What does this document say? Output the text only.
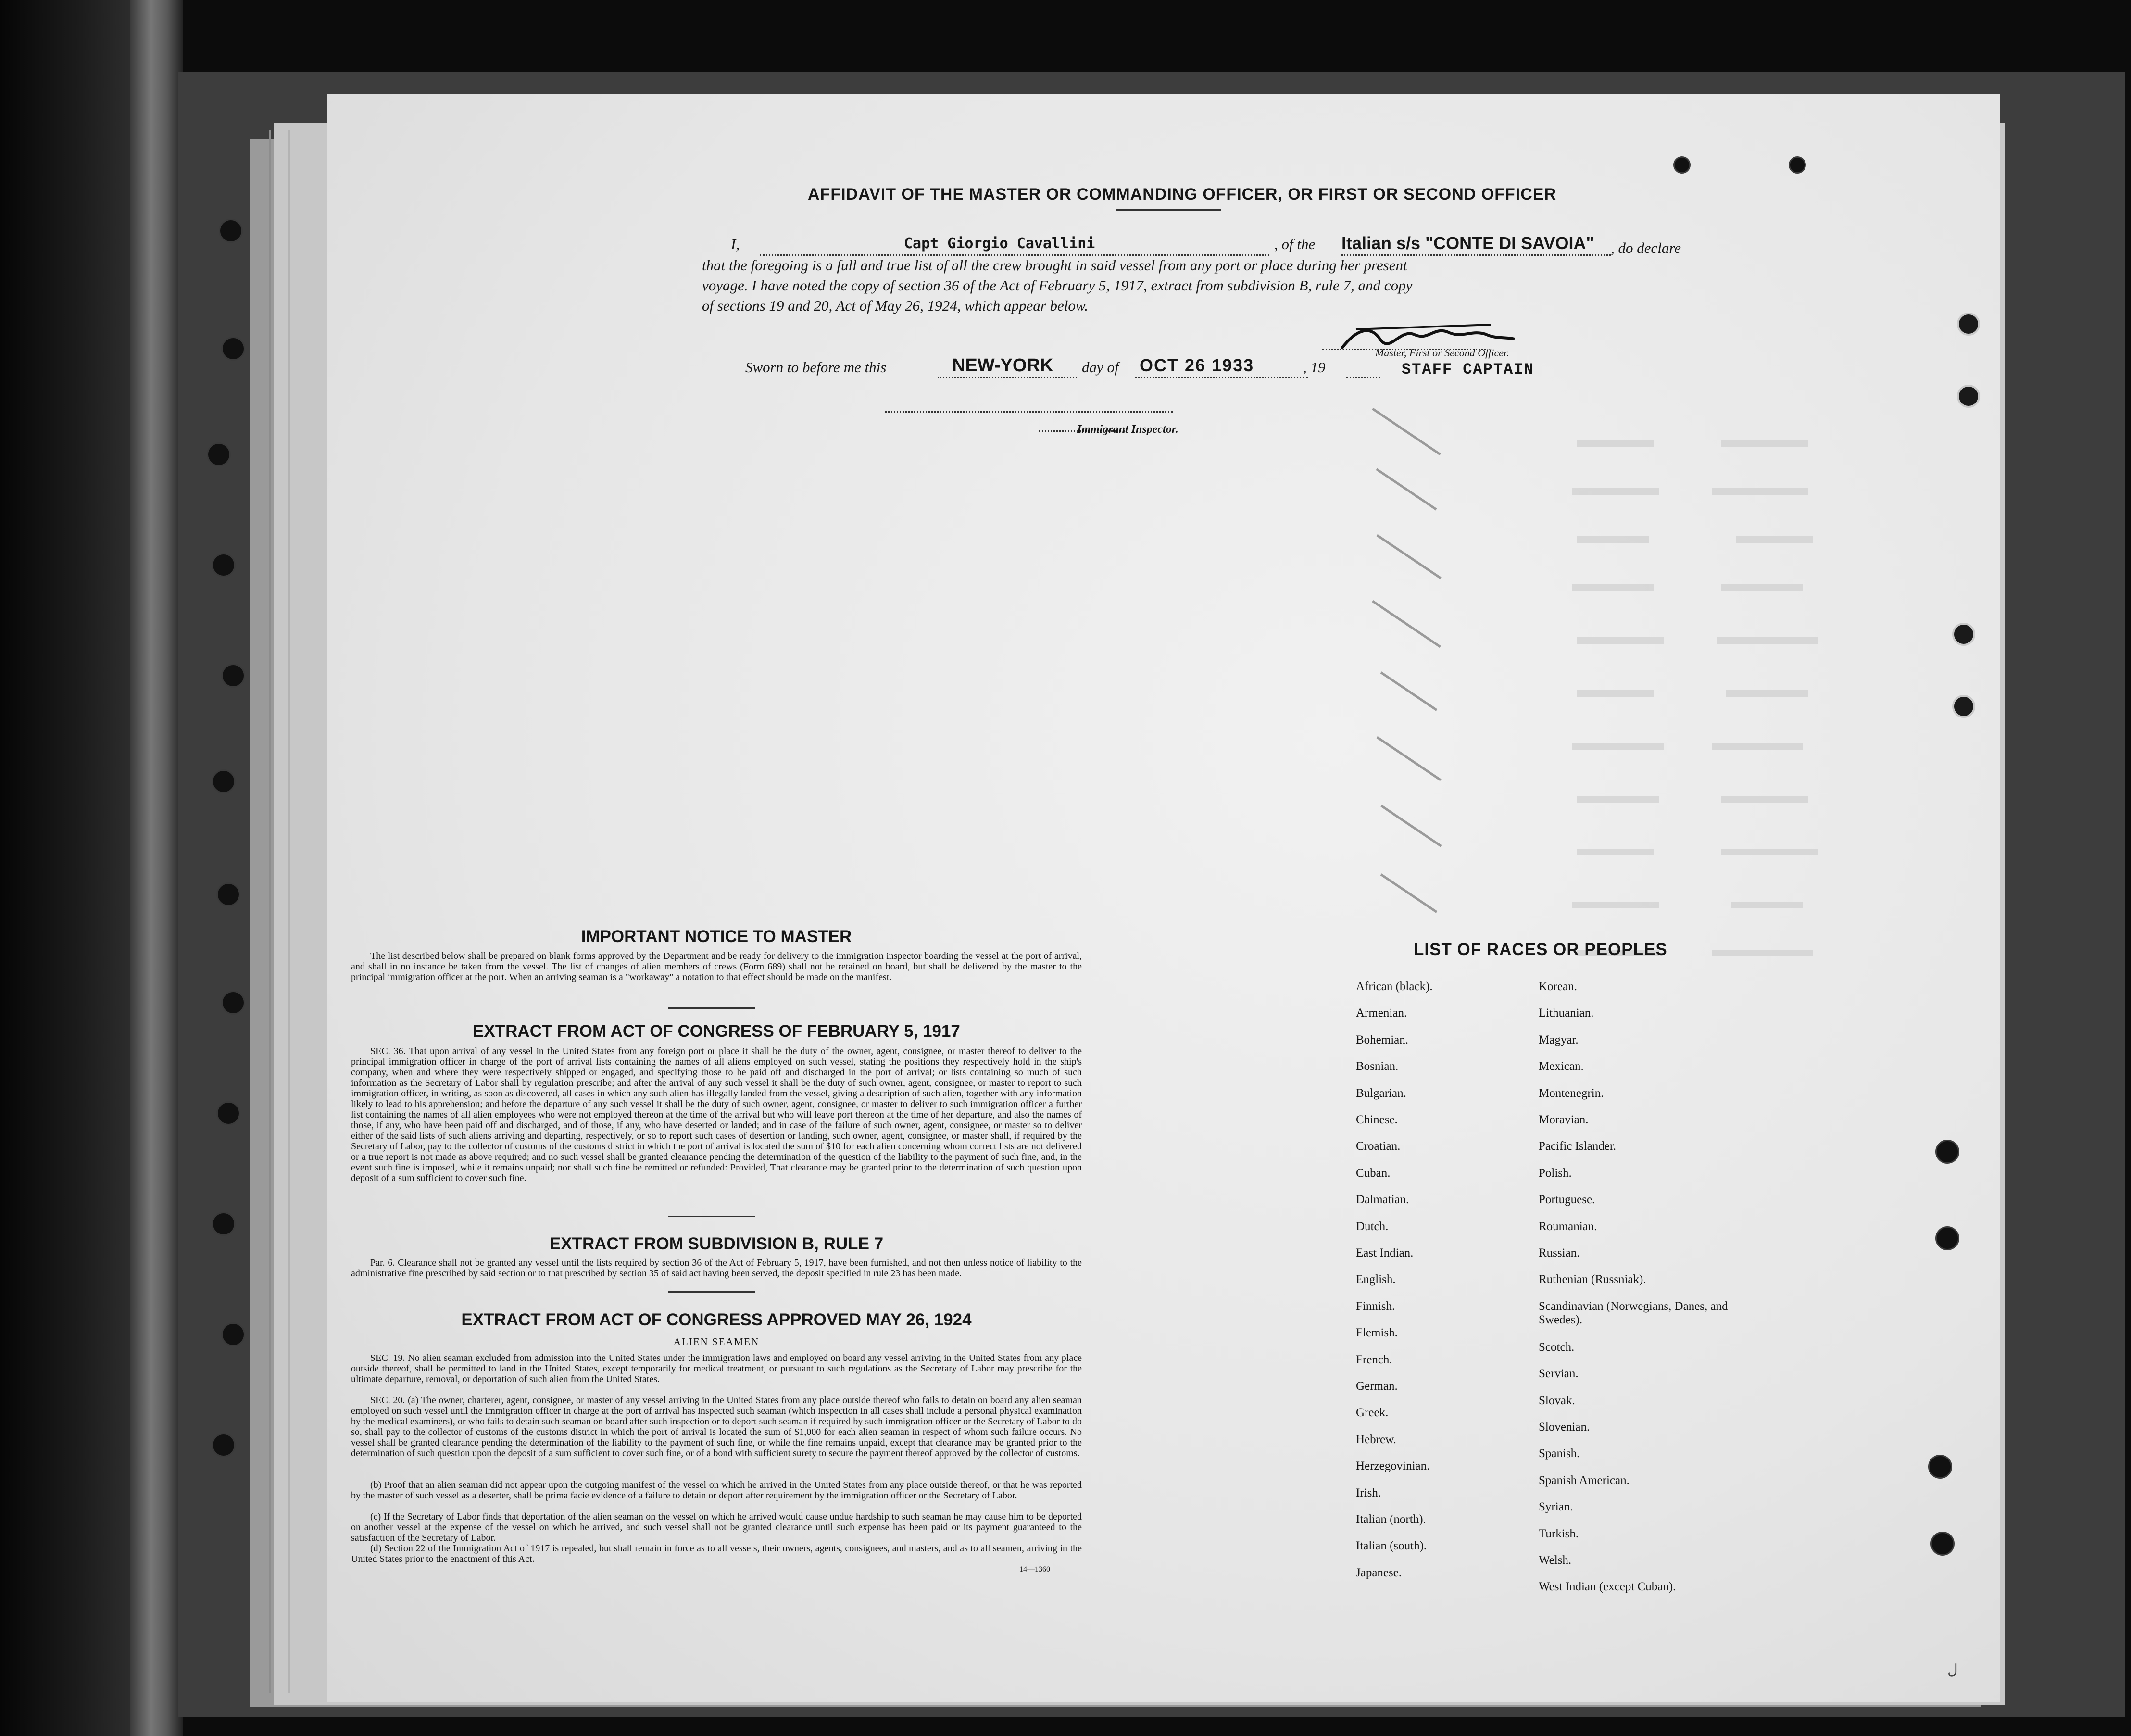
AFFIDAVIT OF THE MASTER OR COMMANDING OFFICER, OR FIRST OR SECOND OFFICER

I,	Capt Giorgio Cavallini	, of the Italian s/s "CONTE DI SAVOIA" , do declare

that the foregoing is a full and true list of all the crew brought in said vessel from any port or place during her present

voyage. I have noted the copy of section 36 of the Act of February 5, 1917, extract from subdivision B, rule 7, and copy

of sections 19 and 20, Act of May 26, 1924, which appear below.

Master, First or Second Officer.

STAFF CAPTAIN

Sworn to before me this	NEW-YORK day of OCT 26 1933	, 19

Immigrant Inspector.

IMPORTANT NOTICE TO MASTER

The list described below shall be prepared on blank forms approved by the Department and be ready for delivery to the immigration inspector boarding the vessel at the port of arrival, and shall in no instance be taken from the vessel. The list of changes of alien members of crews (Form 689) shall not be retained on board, but shall be delivered by the master to the principal immigration officer at the port. When an arriving seaman is a "workaway" a notation to that effect should be made on the manifest.

EXTRACT FROM ACT OF CONGRESS OF FEBRUARY 5, 1917

SEC. 36. That upon arrival of any vessel in the United States from any foreign port or place it shall be the duty of the owner, agent, consignee, or master thereof to deliver to the principal immigration officer in charge of the port of arrival lists containing the names of all aliens employed on such vessel, stating the positions they respectively hold in the ship's company, when and where they were respectively shipped or engaged, and specifying those to be paid off and discharged in the port of arrival; or lists containing so much of such information as the Secretary of Labor shall by regulation prescribe; and after the arrival of any such vessel it shall be the duty of such owner, agent, consignee, or master to report to such immigration officer, in writing, as soon as discovered, all cases in which any such alien has illegally landed from the vessel, giving a description of such alien, together with any information likely to lead to his apprehension; and before the departure of any such vessel it shall be the duty of such owner, agent, consignee, or master to deliver to such immigration officer a further list containing the names of all alien employees who were not employed thereon at the time of the arrival but who will leave port thereon at the time of her departure, and also the names of those, if any, who have been paid off and discharged, and of those, if any, who have deserted or landed; and in case of the failure of such owner, agent, consignee, or master so to deliver either of the said lists of such aliens arriving and departing, respectively, or so to report such cases of desertion or landing, such owner, agent, consignee, or master shall, if required by the Secretary of Labor, pay to the collector of customs of the customs district in which the port of arrival is located the sum of $10 for each alien concerning whom correct lists are not delivered or a true report is not made as above required; and no such vessel shall be granted clearance pending the determination of the question of the liability to the payment of such fine, and, in the event such fine is imposed, while it remains unpaid; nor shall such fine be remitted or refunded: Provided, That clearance may be granted prior to the determination of such question upon deposit of a sum sufficient to cover such fine.

EXTRACT FROM SUBDIVISION B, RULE 7

Par. 6. Clearance shall not be granted any vessel until the lists required by section 36 of the Act of February 5, 1917, have been furnished, and not then unless notice of liability to the administrative fine prescribed by said section or to that prescribed by section 35 of said act having been served, the deposit specified in rule 23 has been made.

EXTRACT FROM ACT OF CONGRESS APPROVED MAY 26, 1924

ALIEN SEAMEN

SEC. 19. No alien seaman excluded from admission into the United States under the immigration laws and employed on board any vessel arriving in the United States from any place outside thereof, shall be permitted to land in the United States, except temporarily for medical treatment, or pursuant to such regulations as the Secretary of Labor may prescribe for the ultimate departure, removal, or deportation of such alien from the United States.

SEC. 20. (a) The owner, charterer, agent, consignee, or master of any vessel arriving in the United States from any place outside thereof who fails to detain on board any alien seaman employed on such vessel until the immigration officer in charge at the port of arrival has inspected such seaman (which inspection in all cases shall include a personal physical examination by the medical examiners), or who fails to detain such seaman on board after such inspection or to deport such seaman if required by such immigration officer or the Secretary of Labor to do so, shall pay to the collector of customs of the customs district in which the port of arrival is located the sum of $1,000 for each alien seaman in respect of whom such failure occurs. No vessel shall be granted clearance pending the determination of the liability to the payment of such fine, or while the fine remains unpaid, except that clearance may be granted prior to the determination of such question upon the deposit of a sum sufficient to cover such fine, or of a bond with sufficient surety to secure the payment thereof approved by the collector of customs.

(b) Proof that an alien seaman did not appear upon the outgoing manifest of the vessel on which he arrived in the United States from any place outside thereof, or that he was reported by the master of such vessel as a deserter, shall be prima facie evidence of a failure to detain or deport after requirement by the immigration officer or the Secretary of Labor.

(c) If the Secretary of Labor finds that deportation of the alien seaman on the vessel on which he arrived would cause undue hardship to such seaman he may cause him to be deported on another vessel at the expense of the vessel on which he arrived, and such vessel shall not be granted clearance until such expense has been paid or its payment guaranteed to the satisfaction of the Secretary of Labor.

(d) Section 22 of the Immigration Act of 1917 is repealed, but shall remain in force as to all vessels, their owners, agents, consignees, and masters, and as to all seamen, arriving in the United States prior to the enactment of this Act.

14—1360

LIST OF RACES OR PEOPLES

African (black).

Armenian.

Bohemian.

Bosnian.

Bulgarian.

Chinese.

Croatian.

Cuban.

Dalmatian.

Dutch.

East Indian.

English.

Finnish.

Flemish.

French.

German.

Greek.

Hebrew.

Herzegovinian.

Irish.

Italian (north).

Italian (south).

Japanese.

Korean.

Lithuanian.

Magyar.

Mexican.

Montenegrin.

Moravian.

Pacific Islander.

Polish.

Portuguese.

Roumanian.

Russian.

Ruthenian (Russniak).

Scandinavian (Norwegians, Danes, and Swedes).

Scotch.

Servian.

Slovak.

Slovenian.

Spanish.

Spanish American.

Syrian.

Turkish.

Welsh.

West Indian (except Cuban).

ل
